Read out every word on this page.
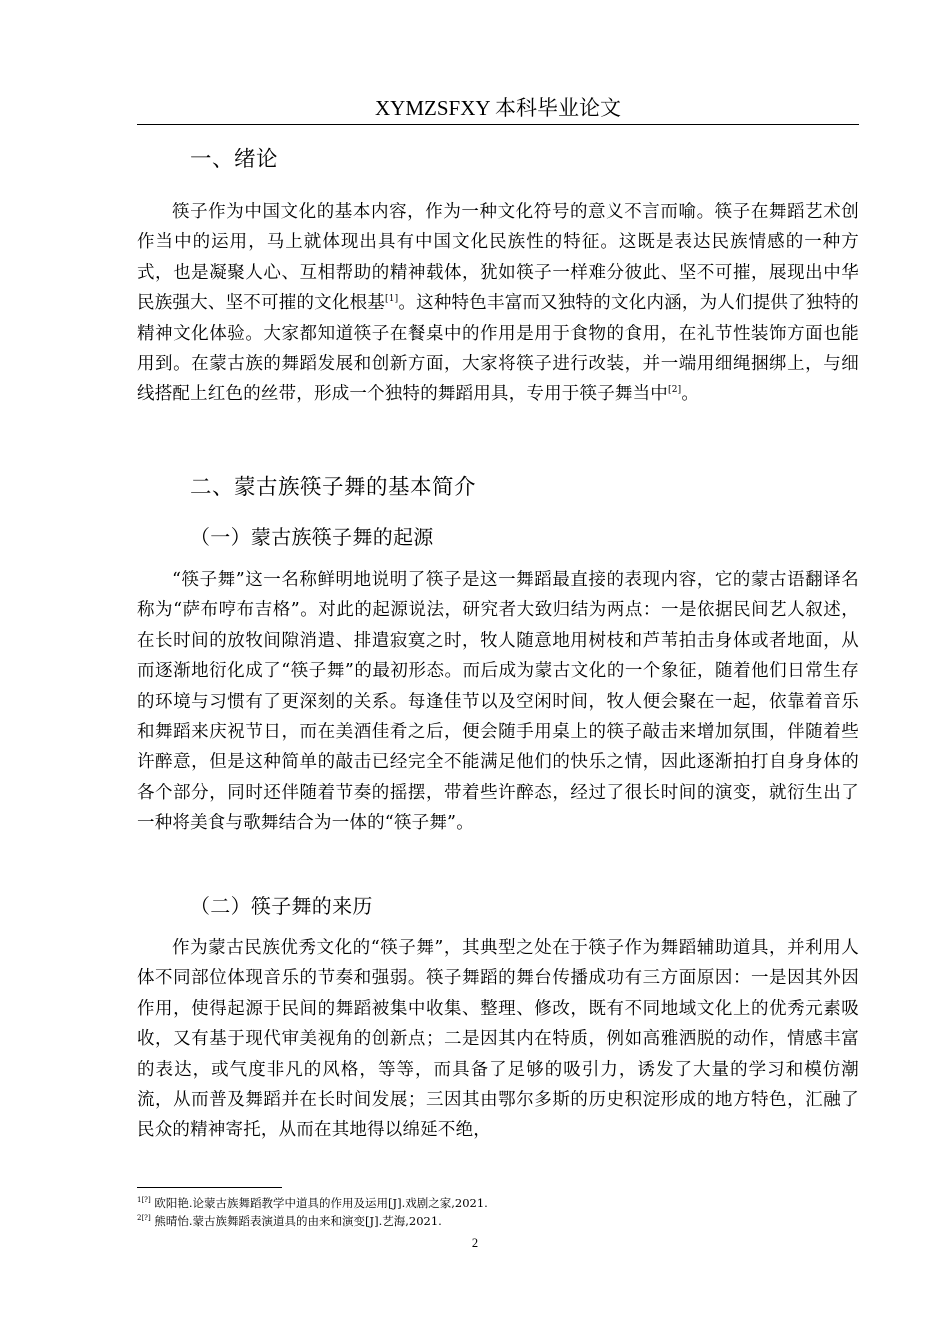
XYMZSFXY 本科毕业论文
一、绪论

筷子作为中国文化的基本内容，作为一种文化符号的意义不言而喻。筷子在舞蹈艺术创作当中的运用，马上就体现出具有中国文化民族性的特征。这既是表达民族情感的一种方式，也是凝聚人心、互相帮助的精神载体，犹如筷子一样难分彼此、坚不可摧，展现出中华民族强大、坚不可摧的文化根基[1]。这种特色丰富而又独特的文化内涵，为人们提供了独特的精神文化体验。大家都知道筷子在餐桌中的作用是用于食物的食用，在礼节性装饰方面也能用到。在蒙古族的舞蹈发展和创新方面，大家将筷子进行改装，并一端用细绳捆绑上，与细线搭配上红色的丝带，形成一个独特的舞蹈用具，专用于筷子舞当中[2]。

二、蒙古族筷子舞的基本简介
（一）蒙古族筷子舞的起源

“筷子舞”这一名称鲜明地说明了筷子是这一舞蹈最直接的表现内容，它的蒙古语翻译名称为“萨布哼布吉格”。对此的起源说法，研究者大致归结为两点：一是依据民间艺人叙述，在长时间的放牧间隙消遣、排遣寂寞之时，牧人随意地用树枝和芦苇拍击身体或者地面，从而逐渐地衍化成了“筷子舞”的最初形态。而后成为蒙古文化的一个象征，随着他们日常生存的环境与习惯有了更深刻的关系。每逢佳节以及空闲时间，牧人便会聚在一起，依靠着音乐和舞蹈来庆祝节日，而在美酒佳肴之后，便会随手用桌上的筷子敲击来增加氛围，伴随着些许醉意，但是这种简单的敲击已经完全不能满足他们的快乐之情，因此逐渐拍打自身身体的各个部分，同时还伴随着节奏的摇摆，带着些许醉态，经过了很长时间的演变，就衍生出了一种将美食与歌舞结合为一体的“筷子舞”。

（二）筷子舞的来历

作为蒙古民族优秀文化的“筷子舞”，其典型之处在于筷子作为舞蹈辅助道具，并利用人体不同部位体现音乐的节奏和强弱。筷子舞蹈的舞台传播成功有三方面原因：一是因其外因作用，使得起源于民间的舞蹈被集中收集、整理、修改，既有不同地域文化上的优秀元素吸收，又有基于现代审美视角的创新点；二是因其内在特质，例如高雅洒脱的动作，情感丰富的表达，或气度非凡的风格，等等，而具备了足够的吸引力，诱发了大量的学习和模仿潮流，从而普及舞蹈并在长时间发展；三因其由鄂尔多斯的历史积淀形成的地方特色，汇融了民众的精神寄托，从而在其地得以绵延不绝，

$^{1[?]}$ 欧阳艳.论蒙古族舞蹈教学中道具的作用及运用[J].戏剧之家,2021.
$^{2[?]}$ 熊晴怡.蒙古族舞蹈表演道具的由来和演变[J].艺海,2021.
2
